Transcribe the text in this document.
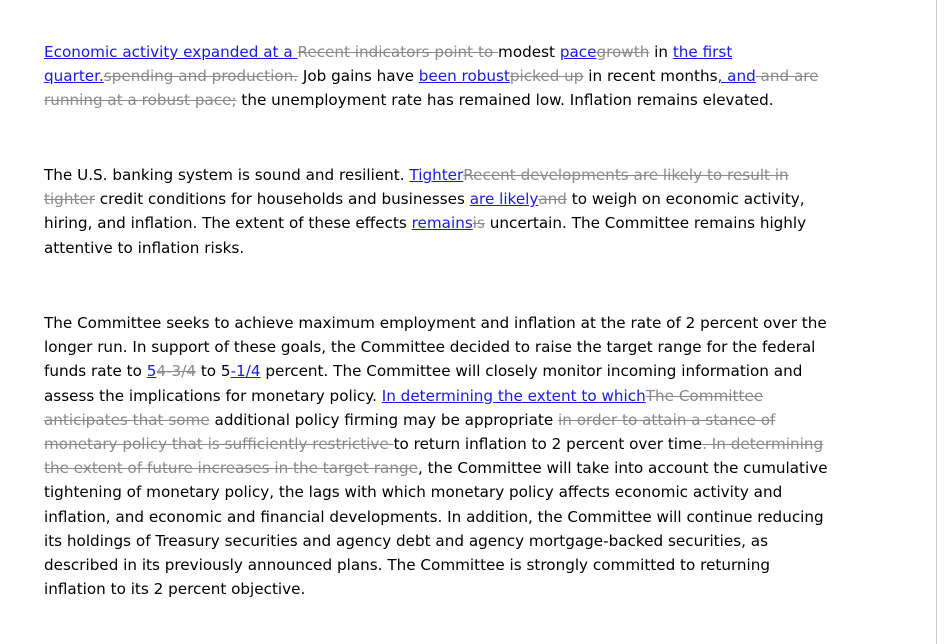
Economic activity expanded at a Recent indicators point to modest pacegrowth in the first quarter.spending and production. Job gains have been robustpicked up in recent months, and and are running at a robust pace; the unemployment rate has remained low. Inflation remains elevated.

The U.S. banking system is sound and resilient. TighterRecent developments are likely to result in tighter credit conditions for households and businesses are likelyand to weigh on economic activity, hiring, and inflation. The extent of these effects remainsis uncertain. The Committee remains highly attentive to inflation risks.

The Committee seeks to achieve maximum employment and inflation at the rate of 2 percent over the longer run. In support of these goals, the Committee decided to raise the target range for the federal funds rate to 54-3/4 to 5-1/4 percent. The Committee will closely monitor incoming information and assess the implications for monetary policy. In determining the extent to whichThe Committee anticipates that some additional policy firming may be appropriate in order to attain a stance of monetary policy that is sufficiently restrictive to return inflation to 2 percent over time. In determining the extent of future increases in the target range, the Committee will take into account the cumulative tightening of monetary policy, the lags with which monetary policy affects economic activity and inflation, and economic and financial developments. In addition, the Committee will continue reducing its holdings of Treasury securities and agency debt and agency mortgage-backed securities, as described in its previously announced plans. The Committee is strongly committed to returning inflation to its 2 percent objective.
